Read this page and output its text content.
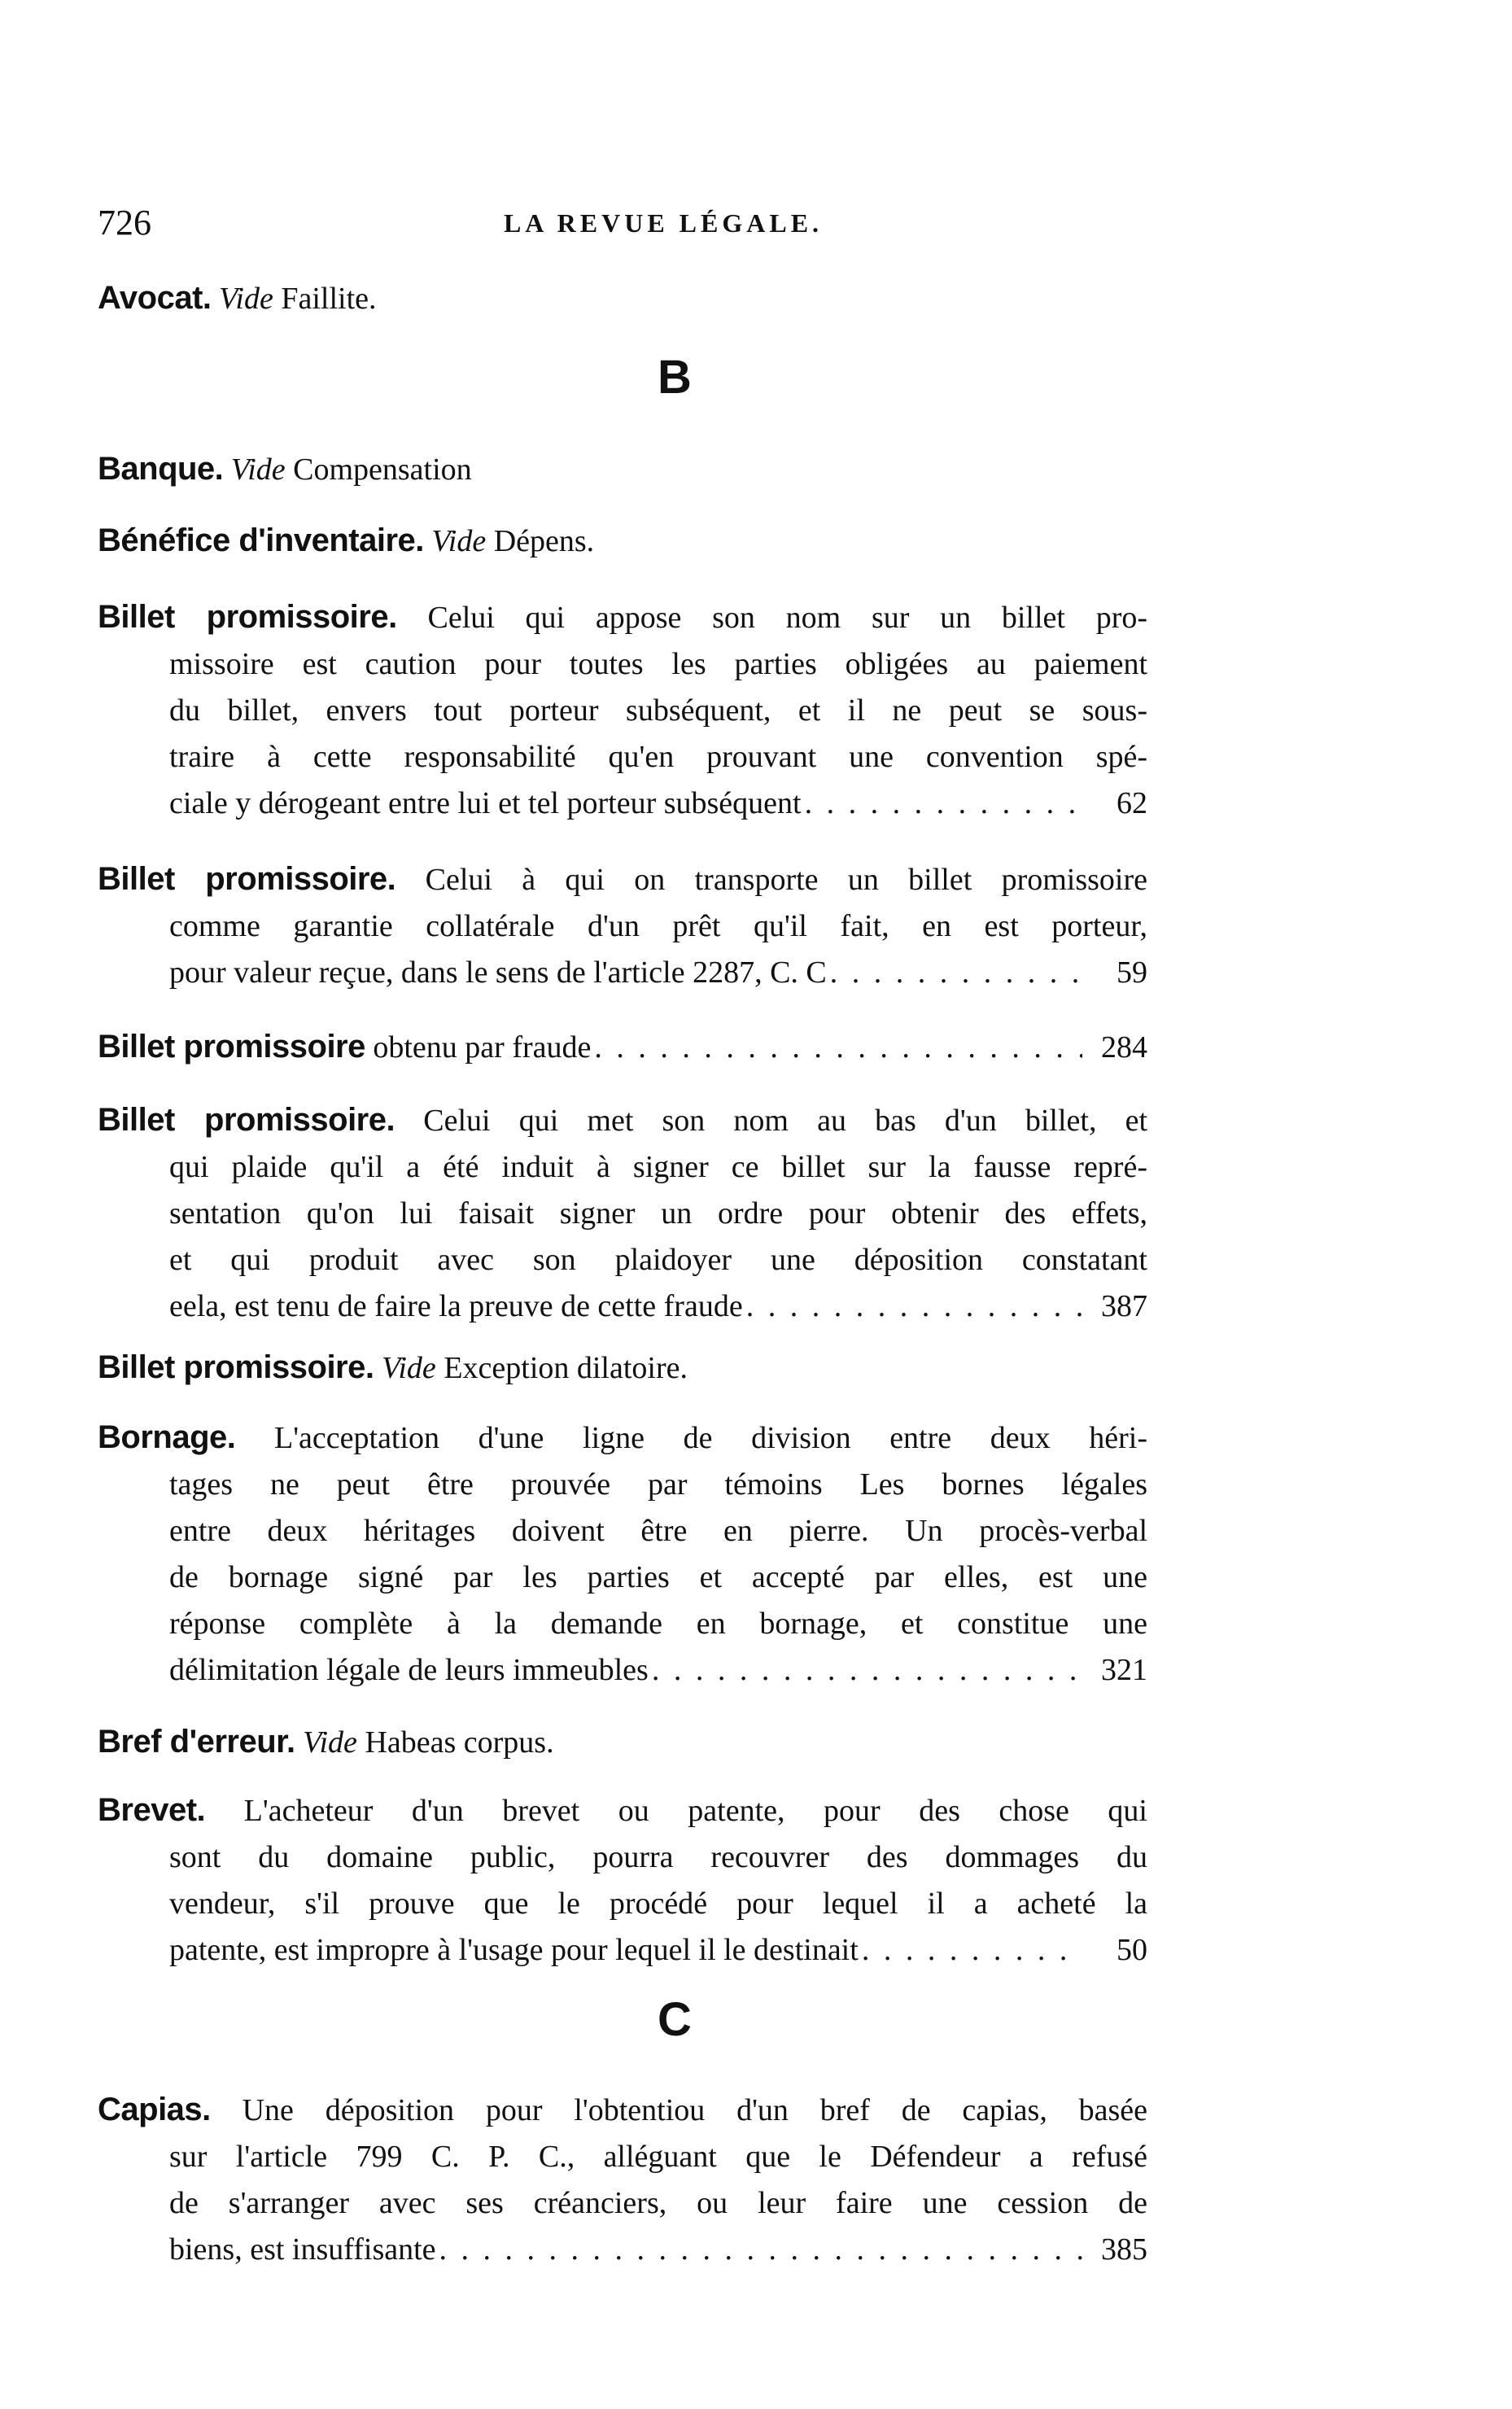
726	LA REVUE LÉGALE.
Avocat. Vide Faillite.
B
Banque. Vide Compensation
Bénéfice d'inventaire. Vide Dépens.
Billet promissoire. Celui qui appose son nom sur un billet pro-
missoire est caution pour toutes les parties obligées au paiement
du billet, envers tout porteur subséquent, et il ne peut se sous-
traire à cette responsabilité qu'en prouvant une convention spé-
ciale y dérogeant entre lui et tel porteur subséquent . . .	62
Billet promissoire. Celui à qui on transporte un billet promissoire
comme garantie collatérale d'un prêt qu'il fait, en est porteur,
pour valeur reçue, dans le sens de l'article 2287, C. C . . .	59
Billet promissoire obtenu par fraude . . .	284
Billet promissoire. Celui qui met son nom au bas d'un billet, et
qui plaide qu'il a été induit à signer ce billet sur la fausse repré-
sentation qu'on lui faisait signer un ordre pour obtenir des effets,
et qui produit avec son plaidoyer une déposition constatant
eela, est tenu de faire la preuve de cette fraude . . .	387
Billet promissoire. Vide Exception dilatoire.
Bornage. L'acceptation d'une ligne de division entre deux héri-
tages ne peut être prouvée par témoins Les bornes légales
entre deux héritages doivent être en pierre. Un procès-verbal
de bornage signé par les parties et accepté par elles, est une
réponse complète à la demande en bornage, et constitue une
délimitation légale de leurs immeubles . . .	321
Bref d'erreur. Vide Habeas corpus.
Brevet. L'acheteur d'un brevet ou patente, pour des chose qui
sont du domaine public, pourra recouvrer des dommages du
vendeur, s'il prouve que le procédé pour lequel il a acheté la
patente, est impropre à l'usage pour lequel il le destinait . . .	50
C
Capias. Une déposition pour l'obtentiou d'un bref de capias, basée
sur l'article 799 C. P. C., alléguant que le Défendeur a refusé
de s'arranger avec ses créanciers, ou leur faire une cession de
biens, est insuffisante . . .	385
